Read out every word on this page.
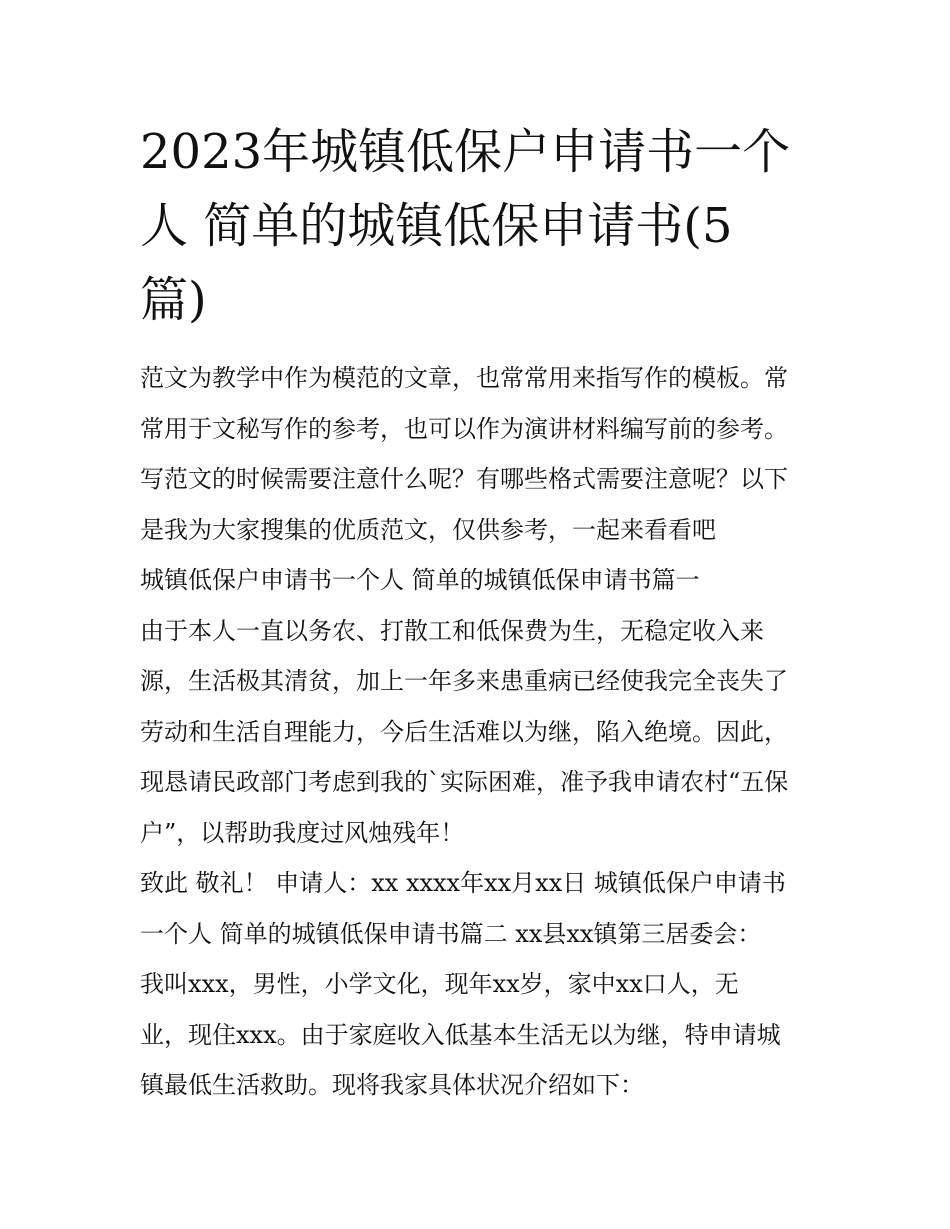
2023年城镇低保户申请书一个
人 简单的城镇低保申请书(5
篇)
范文为教学中作为模范的文章，也常常用来指写作的模板。常
常用于文秘写作的参考，也可以作为演讲材料编写前的参考。
写范文的时候需要注意什么呢？有哪些格式需要注意呢？以下
是我为大家搜集的优质范文，仅供参考，一起来看看吧
城镇低保户申请书一个人 简单的城镇低保申请书篇一
由于本人一直以务农、打散工和低保费为生，无稳定收入来
源，生活极其清贫，加上一年多来患重病已经使我完全丧失了
劳动和生活自理能力，今后生活难以为继，陷入绝境。因此，
现恳请民政部门考虑到我的`实际困难，准予我申请农村“五保
户”，以帮助我度过风烛残年！
致此 敬礼！ 申请人：xx xxxx年xx月xx日 城镇低保户申请书
一个人 简单的城镇低保申请书篇二 xx县xx镇第三居委会：
我叫xxx，男性，小学文化，现年xx岁，家中xx口人，无
业，现住xxx。由于家庭收入低基本生活无以为继，特申请城
镇最低生活救助。现将我家具体状况介绍如下：
